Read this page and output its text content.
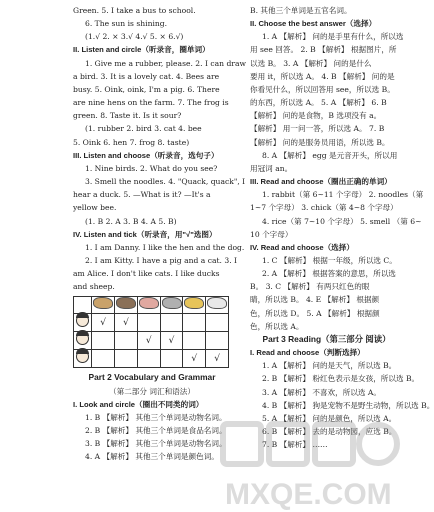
Green. 5. I take a bus to school.
6. The sun is shining.
(1.√ 2. × 3.√ 4.√ 5. × 6.√)
II. Listen and circle（听录音，圈单词）
1. Give me a rubber, please. 2. I can draw
a bird. 3. It is a lovely cat. 4. Bees are
busy. 5. Oink, oink, I'm a pig. 6. There
are nine hens on the farm. 7. The frog is
green. 8. Taste it. Is it sour?
(1. rubber 2. bird 3. cat 4. bee
5. Oink 6. hen 7. frog 8. taste)
III. Listen and choose（听录音，选句子）
1. Nine birds. 2. What do you see?
3. Smell the noodles. 4. "Quack, quack", I
hear a duck. 5. —What is it? —It's a
yellow bee.
(1. B 2. A 3. B 4. A 5. B)
IV. Listen and tick（听录音，用"√"选图）
1. I am Danny. I like the hen and the dog.
2. I am Kitty. I have a pig and a cat. 3. I
am Alice. I don't like cats. I like ducks
and sheep.

	√	√				
			√	√		
					√	√
Part 2 Vocabulary and Grammar
（第二部分 词汇和语法）
I. Look and circle（圈出不同类的词）
1. B 【解析】 其他三个单词是动物名词。
2. B 【解析】 其他三个单词是食品名词。
3. B 【解析】 其他三个单词是动物名词。
4. A 【解析】 其他三个单词是颜色词。
B. 其他三个单词是五官名词。
II. Choose the best answer（选择）
1. A 【解析】 问的是手里有什么，所以选
用 see 回答。 2. B 【解析】 根据图片，所
以选 B。 3. A 【解析】 问的是什么
要用 it，所以选 A。 4. B 【解析】 问的是
你看见什么，所以回答用 see，所以选 B。
的东西，所以选 A。 5. A 【解析】 6. B
【解析】 问的是食物，B 选项没有 a。
【解析】 用一问一答，所以选 A。 7. B
【解析】 问的是服务员用语，所以选 B。
8. A 【解析】 egg 是元音开头，所以用
用冠词 an。
III. Read and choose（圈出正确的单词）
1. rabbit（第 6~11 个字母） 2. noodles（第
1~7 个字母） 3. chick（第 4~8 个字母）
4. rice（第 7~10 个字母） 5. smell （第 6~
10 个字母）
IV. Read and choose（选择）
1. C 【解析】 根据一年级，所以选 C。
2. A 【解析】 根据答案的意思，所以选
B。 3. C 【解析】 有两只红色的眼
睛，所以选 B。 4. E 【解析】 根据颜
色，所以选 D。 5. A 【解析】 根据颜
色，所以选 A。
Part 3 Reading（第三部分 阅读）
I. Read and choose（判断选择）
1. A 【解析】 问的是天气，所以选 B。
2. B 【解析】 粉红色表示是女孩，所以选 B。
3. A 【解析】 不喜欢，所以选 A。
4. B 【解析】 狗是宠物不是野生动物，所以选 B。
5. A 【解析】 问的是颜色，所以选 A。
6. B 【解析】 去的是动物园，应选 B。
7. B 【解析】 ……
MXQE.COM
